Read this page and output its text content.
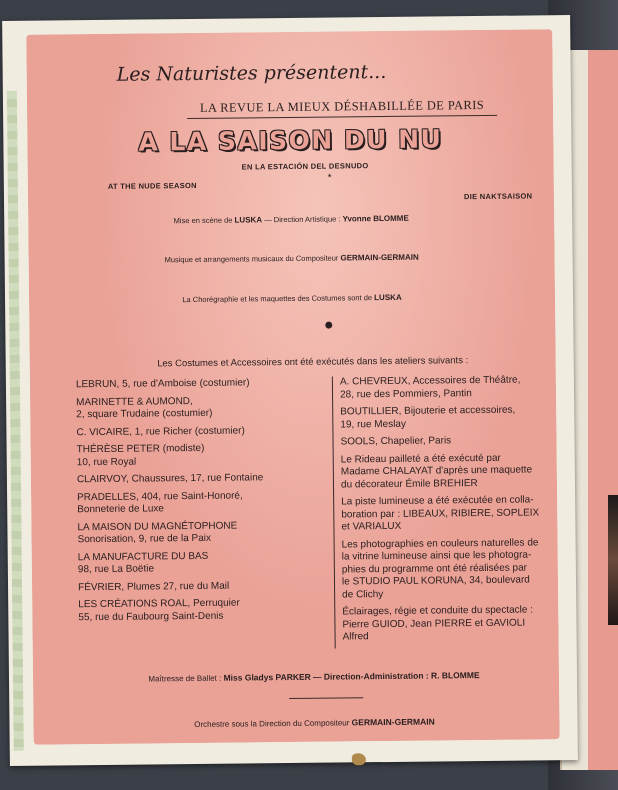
Les Naturistes présentent...
LA REVUE LA MIEUX DÉSHABILLÉE DE PARIS
A LA SAISON DU NU
EN LA ESTACIÓN DEL DESNUDO
AT THE NUDE SEASON
*
DIE NAKTSAISON
Mise en scène de LUSKA — Direction Artistique : Yvonne BLOMME
Musique et arrangements musicaux du Compositeur GERMAIN-GERMAIN
La Chorégraphie et les maquettes des Costumes sont de LUSKA
Les Costumes et Accessoires ont été exécutés dans les ateliers suivants :
LEBRUN, 5, rue d'Amboise (costumier)
MARINETTE & AUMOND,
2, square Trudaine (costumier)
C. VICAIRE, 1, rue Richer (costumier)
THÉRÈSE PETER (modiste)
10, rue Royal
CLAIRVOY, Chaussures, 17, rue Fontaine
PRADELLES, 404, rue Saint-Honoré,
Bonneterie de Luxe
LA MAISON DU MAGNÉTOPHONE
Sonorisation, 9, rue de la Paix
LA MANUFACTURE DU BAS
98, rue La Boëtie
FÉVRIER, Plumes 27, rue du Mail
LES CRÉATIONS ROAL, Perruquier
55, rue du Faubourg Saint-Denis
A. CHEVREUX, Accessoires de Théâtre,
28, rue des Pommiers, Pantin
BOUTILLIER, Bijouterie et accessoires,
19, rue Meslay
SOOLS, Chapelier, Paris
Le Rideau pailleté a été exécuté par
Madame CHALAYAT d'après une maquette
du décorateur Émile BREHIER
La piste lumineuse a été exécutée en colla-
boration par : LIBEAUX, RIBIERE, SOPLEIX
et VARIALUX
Les photographies en couleurs naturelles de
la vitrine lumineuse ainsi que les photogra-
phies du programme ont été réalisées par
le STUDIO PAUL KORUNA, 34, boulevard
de Clichy
Éclairages, régie et conduite du spectacle :
Pierre GUIOD, Jean PIERRE et GAVIOLI
Alfred
Maîtresse de Ballet : Miss Gladys PARKER — Direction-Administration : R. BLOMME
Orchestre sous la Direction du Compositeur GERMAIN-GERMAIN
